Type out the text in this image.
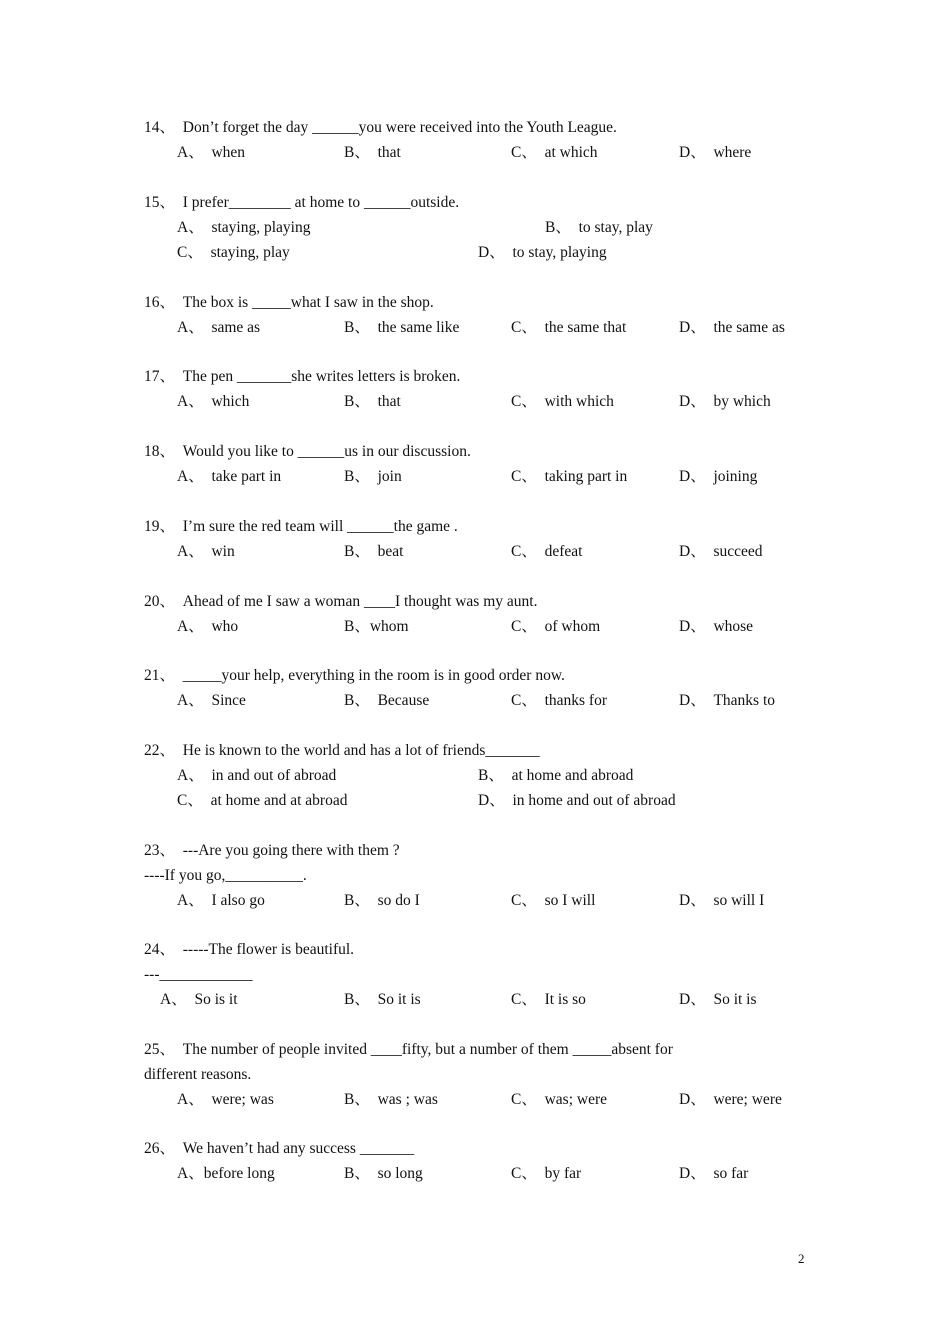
14、  Don’t forget the day ______you were received into the Youth League.
A、  when	B、  that	C、  at which	D、  where
15、  I prefer________ at home to ______outside.
A、  staying, playing	B、  to stay, play
C、  staying, play	D、  to stay, playing
16、  The box is _____what I saw in the shop.
A、  same as	B、  the same like	C、  the same that	D、  the same as
17、  The pen _______she writes letters is broken.
A、  which	B、  that	C、  with which	D、  by which
18、  Would you like to ______us in our discussion.
A、  take part in	B、  join	C、  taking part in	D、  joining
19、  I’m sure the red team will ______the game .
A、  win	B、  beat	C、  defeat	D、  succeed
20、  Ahead of me I saw a woman ____I thought was my aunt.
A、  who	B、whom	C、  of whom	D、  whose
21、  _____your help, everything in the room is in good order now.
A、  Since	B、  Because	C、  thanks for	D、  Thanks to
22、  He is known to the world and has a lot of friends_______
A、  in and out of abroad	B、  at home and abroad
C、  at home and at abroad	D、  in home and out of abroad
23、  ---Are you going there with them ?
----If you go,__________.
A、  I also go	B、  so do I	C、  so I will	D、  so will I
24、  -----The flower is beautiful.
---____________
A、  So is it	B、  So it is	C、  It is so	D、  So it is
25、  The number of people invited ____fifty, but a number of them _____absent for
different reasons.
A、  were; was	B、  was ; was	C、  was; were	D、  were; were
26、  We haven’t had any success _______
A、before long	B、  so long	C、  by far	D、  so far
2
